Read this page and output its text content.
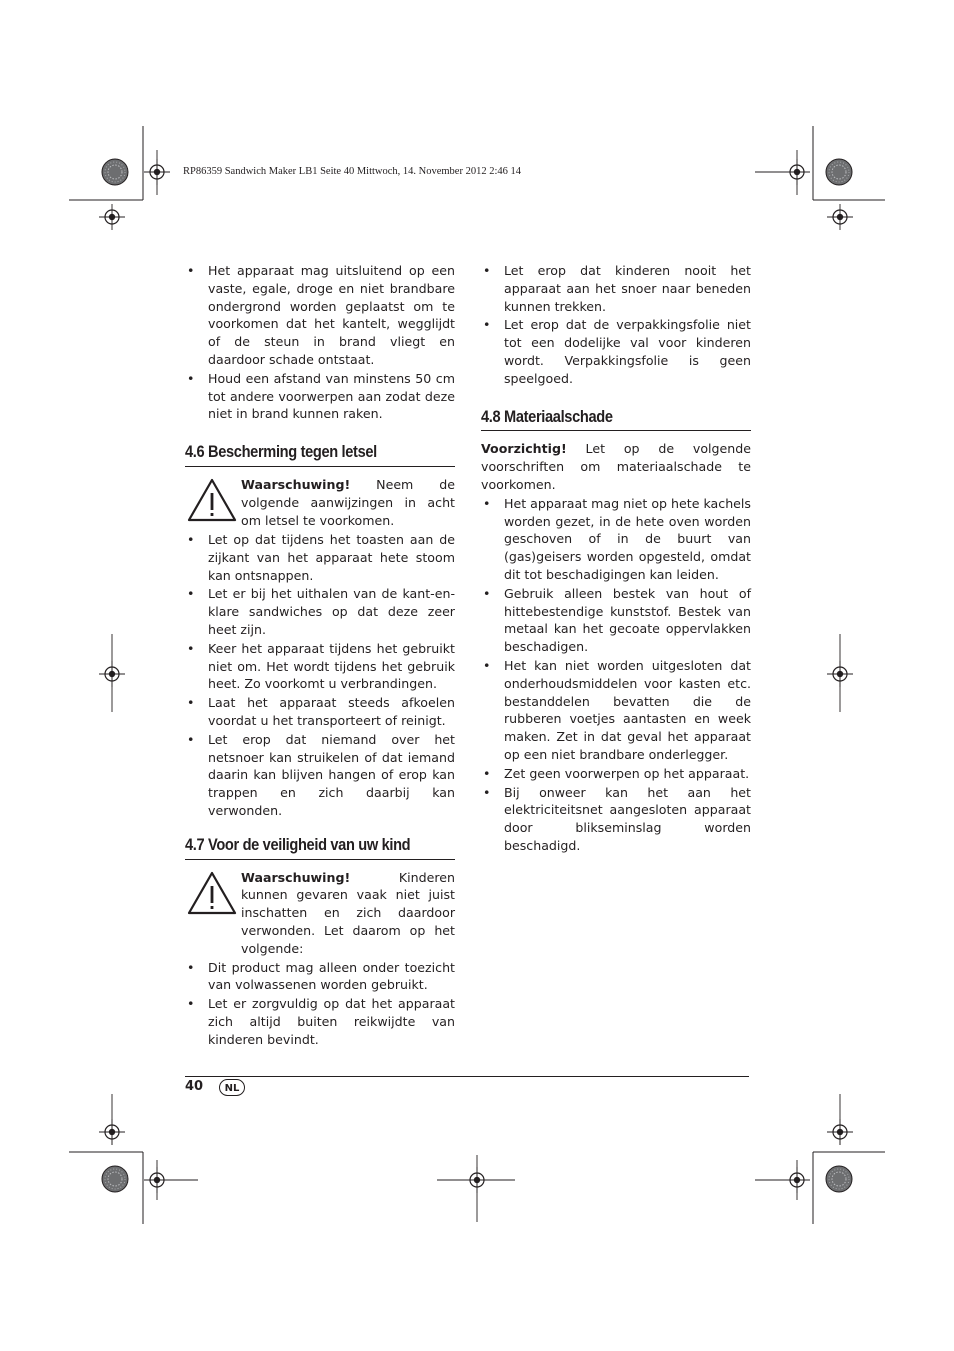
RP86359 Sandwich Maker LB1 Seite 40 Mittwoch, 14. November 2012 2:46 14
• Het apparaat mag uitsluitend op een vaste, egale, droge en niet brandbare ondergrond worden geplaatst om te voorkomen dat het kantelt, wegglijdt of de steun in brand vliegt en daardoor schade ontstaat.
• Houd een afstand van minstens 50 cm tot andere voorwerpen aan zodat deze niet in brand kunnen raken.
4.6 Bescherming tegen letsel
Waarschuwing! Neem de volgende aanwijzingen in acht om letsel te voorkomen.
• Let op dat tijdens het toasten aan de zijkant van het apparaat hete stoom kan ontsnappen.
• Let er bij het uithalen van de kant-en-klare sandwiches op dat deze zeer heet zijn.
• Keer het apparaat tijdens het gebruikt niet om. Het wordt tijdens het gebruik heet. Zo voorkomt u verbrandingen.
• Laat het apparaat steeds afkoelen voordat u het transporteert of reinigt.
• Let erop dat niemand over het netsnoer kan struikelen of dat iemand daarin kan blijven hangen of erop kan trappen en zich daarbij kan verwonden.
4.7 Voor de veiligheid van uw kind
Waarschuwing! Kinderen kunnen gevaren vaak niet juist inschatten en zich daardoor verwonden. Let daarom op het volgende:
• Dit product mag alleen onder toezicht van volwassenen worden gebruikt.
• Let er zorgvuldig op dat het apparaat zich altijd buiten reikwijdte van kinderen bevindt.
• Let erop dat kinderen nooit het apparaat aan het snoer naar beneden kunnen trekken.
• Let erop dat de verpakkingsfolie niet tot een dodelijke val voor kinderen wordt. Verpakkingsfolie is geen speelgoed.
4.8 Materiaalschade
Voorzichtig! Let op de volgende voorschriften om materiaalschade te voorkomen.
• Het apparaat mag niet op hete kachels worden gezet, in de hete oven worden geschoven of in de buurt van (gas)geisers worden opgesteld, omdat dit tot beschadigingen kan leiden.
• Gebruik alleen bestek van hout of hittebestendige kunststof. Bestek van metaal kan het gecoate oppervlakken beschadigen.
• Het kan niet worden uitgesloten dat onderhoudsmiddelen voor kasten etc. bestanddelen bevatten die de rubberen voetjes aantasten en week maken. Zet in dat geval het apparaat op een niet brandbare onderlegger.
• Zet geen voorwerpen op het apparaat.
• Bij onweer kan het aan het elektriciteitsnet aangesloten apparaat door blikseminslag worden beschadigd.
40	NL
